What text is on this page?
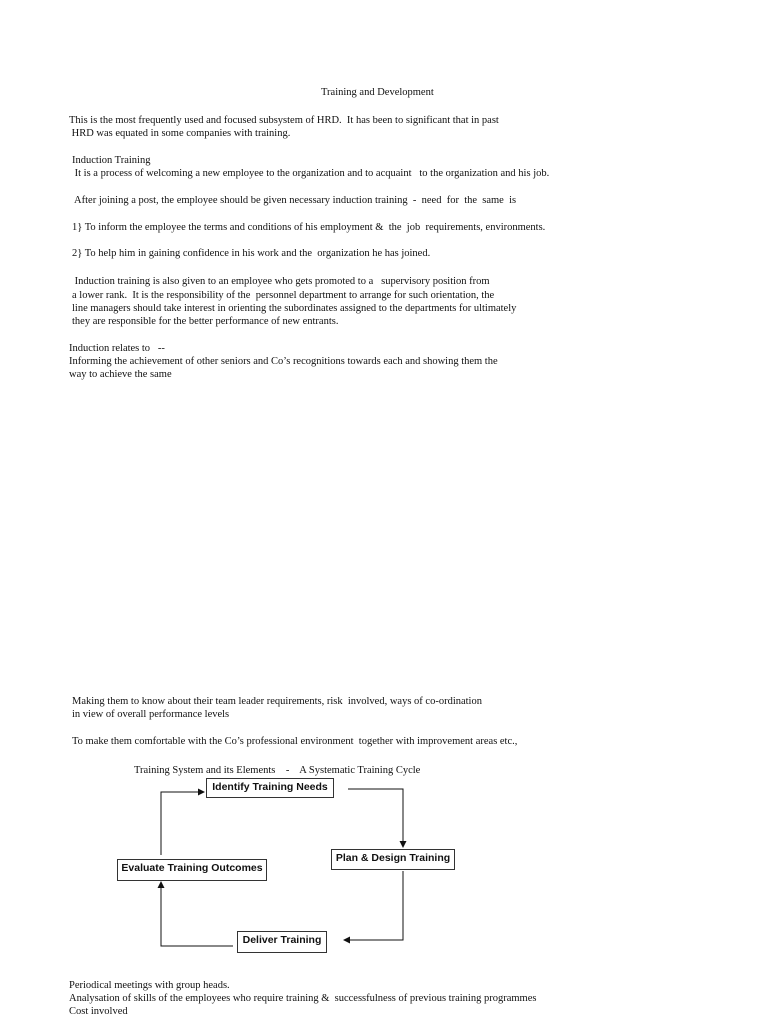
Training and Development
This is the most frequently used and focused subsystem of HRD.  It has been to significant that in past
HRD was equated in some companies with training.
Induction Training
It is a process of welcoming a new employee to the organization and to acquaint   to the organization and his job.
After joining a post, the employee should be given necessary induction training  -  need  for  the  same  is
1} To inform the employee the terms and conditions of his employment &  the  job  requirements, environments.
2} To help him in gaining confidence in his work and the  organization he has joined.
Induction training is also given to an employee who gets promoted to a   supervisory position from
a lower rank.  It is the responsibility of the  personnel department to arrange for such orientation, the
line managers should take interest in orienting the subordinates assigned to the departments for ultimately
they are responsible for the better performance of new entrants.
Induction relates to   --
Informing the achievement of other seniors and Co’s recognitions towards each and showing them the
way to achieve the same
Making them to know about their team leader requirements, risk  involved, ways of co-ordination
in view of overall performance levels
To make them comfortable with the Co’s professional environment  together with improvement areas etc.,
Training System and its Elements    -    A Systematic Training Cycle
Identify Training Needs
Plan & Design Training
Evaluate Training Outcomes
Deliver Training
Periodical meetings with group heads.
Analysation of skills of the employees who require training &  successfulness of previous training programmes
Cost involved
